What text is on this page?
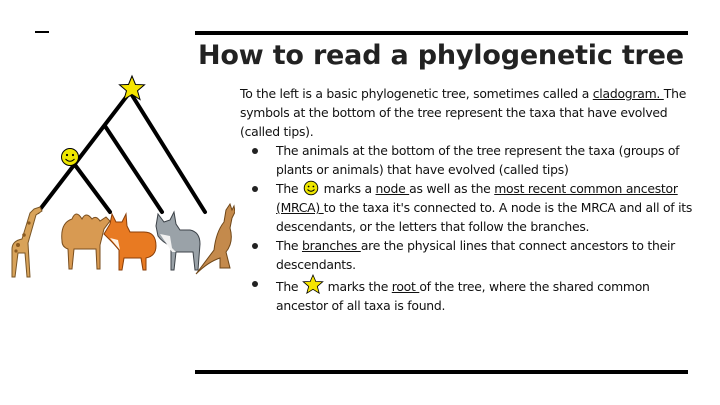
How to read a phylogenetic tree

To the left is a basic phylogenetic tree, sometimes called a cladogram. The symbols at the bottom of the tree represent the taxa that have evolved (called tips).

The animals at the bottom of the tree represent the taxa (groups of plants or animals) that have evolved (called tips)
The  marks a node as well as the most recent common ancestor (MRCA) to the taxa it's connected to. A node is the MRCA and all of its descendants, or the letters that follow the branches.
The branches are the physical lines that connect ancestors to their descendants.
The  marks the root of the tree, where the shared common ancestor of all taxa is found.
